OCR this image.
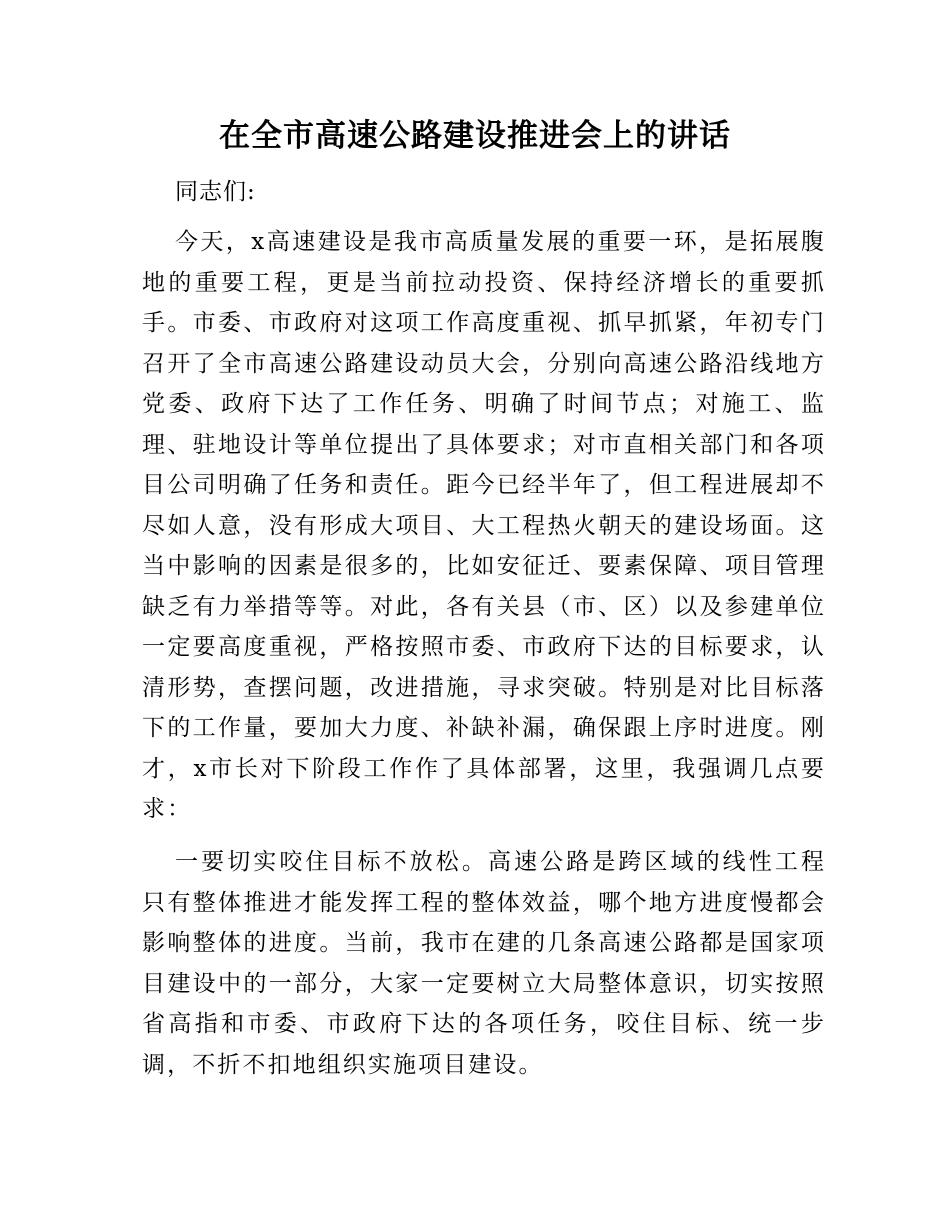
在全市高速公路建设推进会上的讲话

同志们:

今天，x高速建设是我市高质量发展的重要一环，是拓展腹地的重要工程，更是当前拉动投资、保持经济增长的重要抓手。市委、市政府对这项工作高度重视、抓早抓紧，年初专门召开了全市高速公路建设动员大会，分别向高速公路沿线地方党委、政府下达了工作任务、明确了时间节点；对施工、监理、驻地设计等单位提出了具体要求；对市直相关部门和各项目公司明确了任务和责任。距今已经半年了，但工程进展却不尽如人意，没有形成大项目、大工程热火朝天的建设场面。这当中影响的因素是很多的，比如安征迁、要素保障、项目管理缺乏有力举措等等。对此，各有关县（市、区）以及参建单位一定要高度重视，严格按照市委、市政府下达的目标要求，认清形势，查摆问题，改进措施，寻求突破。特别是对比目标落下的工作量，要加大力度、补缺补漏，确保跟上序时进度。刚才，x市长对下阶段工作作了具体部署，这里，我强调几点要求：

一要切实咬住目标不放松。高速公路是跨区域的线性工程只有整体推进才能发挥工程的整体效益，哪个地方进度慢都会影响整体的进度。当前，我市在建的几条高速公路都是国家项目建设中的一部分，大家一定要树立大局整体意识，切实按照省高指和市委、市政府下达的各项任务，咬住目标、统一步调，不折不扣地组织实施项目建设。
